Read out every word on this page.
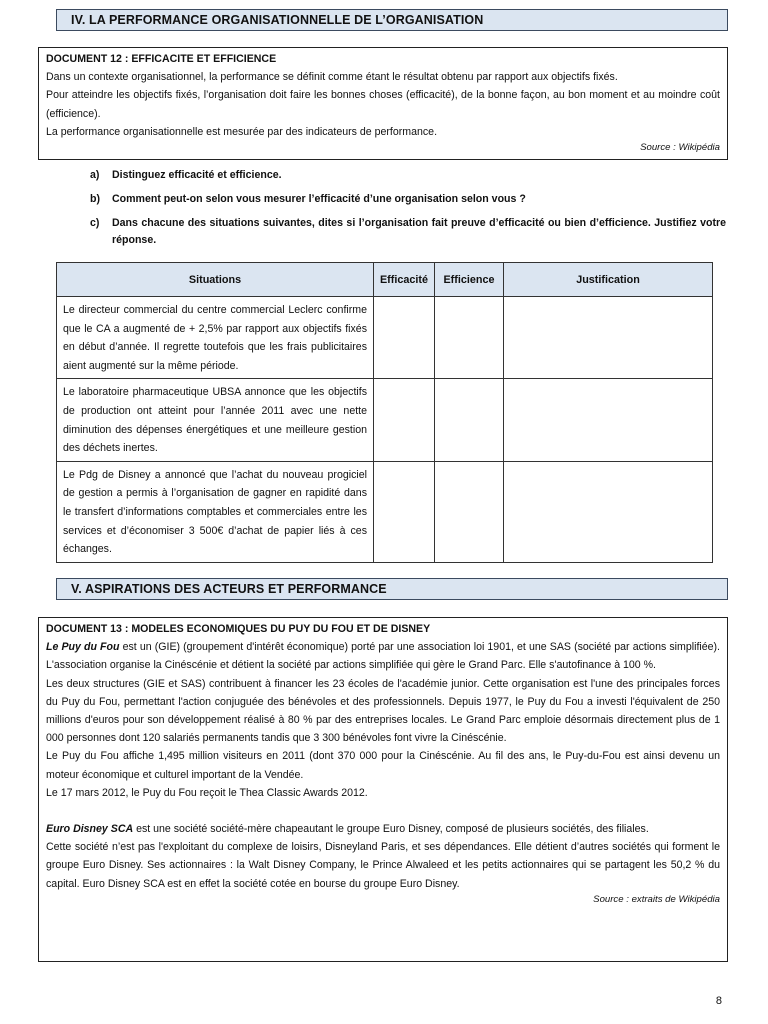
IV. LA PERFORMANCE ORGANISATIONNELLE DE L’ORGANISATION
DOCUMENT 12 : EFFICACITE ET EFFICIENCE

Dans un contexte organisationnel, la performance se définit comme étant le résultat obtenu par rapport aux objectifs fixés.

Pour atteindre les objectifs fixés, l’organisation doit faire les bonnes choses (efficacité), de la bonne façon, au bon moment et au moindre coût (efficience).

La performance organisationnelle est mesurée par des indicateurs de performance.

Source : Wikipédia
a)	Distinguez efficacité et efficience.
b)	Comment peut-on selon vous mesurer l’efficacité d’une organisation selon vous ?
c)	Dans chacune des situations suivantes, dites si l’organisation fait preuve d’efficacité ou bien d’efficience. Justifiez votre réponse.
Situations	Efficacité	Efficience	Justification
Le directeur commercial du centre commercial Leclerc confirme que le CA a augmenté de + 2,5% par rapport aux objectifs fixés en début d’année. Il regrette toutefois que les frais publicitaires aient augmenté sur la même période.			
Le laboratoire pharmaceutique UBSA annonce que les objectifs de production ont atteint pour l’année 2011 avec une nette diminution des dépenses énergétiques et une meilleure gestion des déchets inertes.			
Le Pdg de Disney a annoncé que l’achat du nouveau progiciel de gestion a permis à l’organisation de gagner en rapidité dans le transfert d’informations comptables et commerciales entre les services et d’économiser 3 500€ d’achat de papier liés à ces échanges.			
V. ASPIRATIONS DES ACTEURS ET PERFORMANCE
DOCUMENT 13 : MODELES ECONOMIQUES DU PUY DU FOU ET DE DISNEY

Le Puy du Fou est un (GIE) (groupement d'intérêt économique) porté par une association loi 1901, et une SAS (société par actions simplifiée). L'association organise la Cinéscénie et détient la société par actions simplifiée qui gère le Grand Parc. Elle s'autofinance à 100 %.

Les deux structures (GIE et SAS) contribuent à financer les 23 écoles de l'académie junior. Cette organisation est l'une des principales forces du Puy du Fou, permettant l'action conjuguée des bénévoles et des professionnels. Depuis 1977, le Puy du Fou a investi l'équivalent de 250 millions d'euros pour son développement réalisé à 80 % par des entreprises locales. Le Grand Parc emploie désormais directement plus de 1 000 personnes dont 120 salariés permanents tandis que 3 300 bénévoles font vivre la Cinéscénie.

Le Puy du Fou affiche 1,495 million visiteurs en 2011 (dont 370 000 pour la Cinéscénie. Au fil des ans, le Puy-du-Fou est ainsi devenu un moteur économique et culturel important de la Vendée.

Le 17 mars 2012, le Puy du Fou reçoit le Thea Classic Awards 2012.

Euro Disney SCA est une société société-mère chapeautant le groupe Euro Disney, composé de plusieurs sociétés, des filiales.

Cette société n’est pas l'exploitant du complexe de loisirs, Disneyland Paris, et ses dépendances. Elle détient d’autres sociétés qui forment le groupe Euro Disney. Ses actionnaires : la Walt Disney Company, le Prince Alwaleed et les petits actionnaires qui se partagent les 50,2 % du capital. Euro Disney SCA est en effet la société cotée en bourse du groupe Euro Disney.

Source : extraits de Wikipédia
8
